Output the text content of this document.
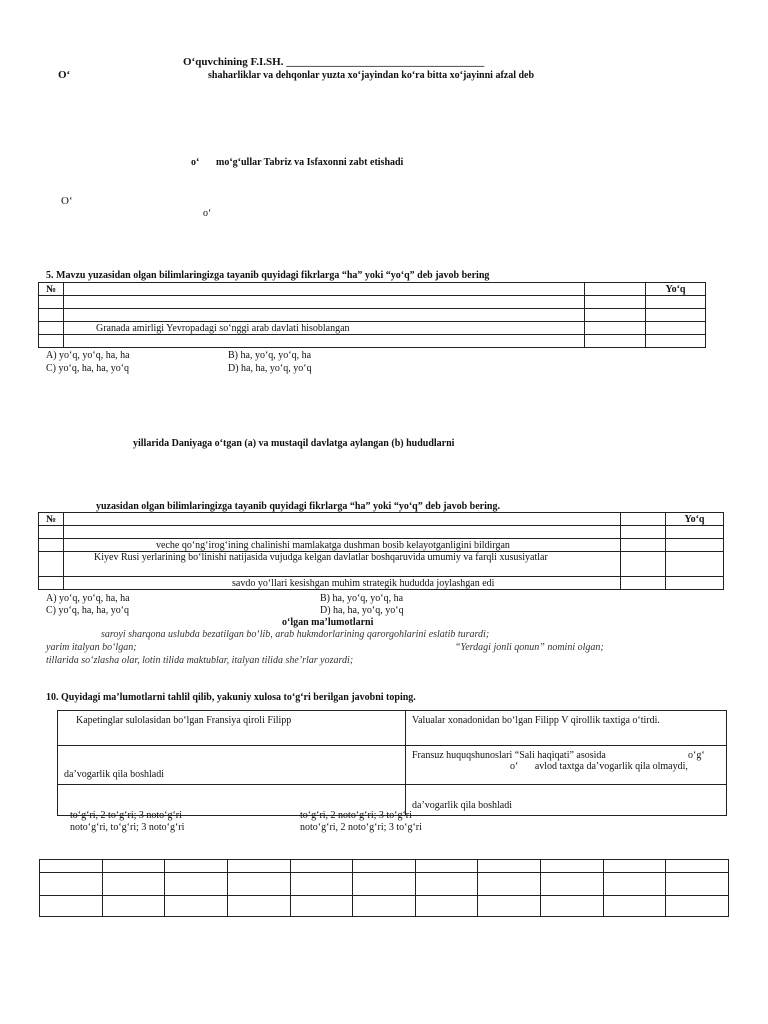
O‘quvchining F.I.SH. ____________________________________
O‘	shaharliklar va dehqonlar yuzta xo‘jayindan ko‘ra bitta xo‘jayinni afzal deb
o‘ mo‘g‘ullar Tabriz va Isfaxonni zabt etishadi
O‘
o‘
5. Mavzu yuzasidan olgan bilimlaringizga tayanib quyidagi fikrlarga “ha” yoki “yo‘q” deb javob bering
№			Yo‘q

	Granada amirligi Yevropadagi so‘nggi arab davlati hisoblangan		

A) yo‘q, yo‘q, ha, ha	B) ha, yo‘q, yo‘q, ha
C) yo‘q, ha, ha, yo‘q	D) ha, ha, yo‘q, yo‘q
yillarida Daniyaga o‘tgan (a) va mustaqil davlatga aylangan (b) hududlarni
yuzasidan olgan bilimlaringizga tayanib quyidagi fikrlarga “ha” yoki “yo‘q” deb javob bering.
№			Yo‘q

	veche qo‘ng‘irog‘ining chalinishi mamlakatga dushman bosib kelayotganligini bildirgan		
	Kiyev Rusi yerlarining bo‘linishi natijasida vujudga kelgan davlatlar boshqaruvida umumiy va farqli xususiyatlar		
	savdo yo‘llari kesishgan muhim strategik hududda joylashgan edi		
A) yo‘q, yo‘q, ha, ha	B) ha, yo‘q, yo‘q, ha
C) yo‘q, ha, ha, yo‘q	D) ha, ha, yo‘q, yo‘q
o‘lgan ma’lumotlarni
saroyi sharqona uslubda bezatilgan bo‘lib, arab hukmdorlarining qarorgohlarini eslatib turardi;
yarim italyan bo‘lgan;	“Yerdagi jonli qonun” nomini olgan;
tillarida so‘zlasha olar, lotin tilida maktublar, italyan tilida she’rlar yozardi;
10. Quyidagi ma’lumotlarni tahlil qilib, yakuniy xulosa to‘g‘ri berilgan javobni toping.
Kapetinglar sulolasidan bo‘lgan Fransiya qiroli Filipp	Valualar xonadonidan bo‘lgan Filipp V qirollik taxtiga o‘tirdi.
da’vogarlik qila boshladi	Fransuz huquqshunoslari “Sali haqiqati” asosida o‘g‘
o‘ avlod taxtga da’vogarlik qila olmaydi,

	da’vogarlik qila boshladi
to‘g‘ri, 2 to‘g‘ri; 3 noto‘g‘ri	to‘g‘ri, 2 noto‘g‘ri; 3 to‘g‘ri
noto‘g‘ri, to‘g‘ri; 3 noto‘g‘ri	noto‘g‘ri, 2 noto‘g‘ri; 3 to‘g‘ri
